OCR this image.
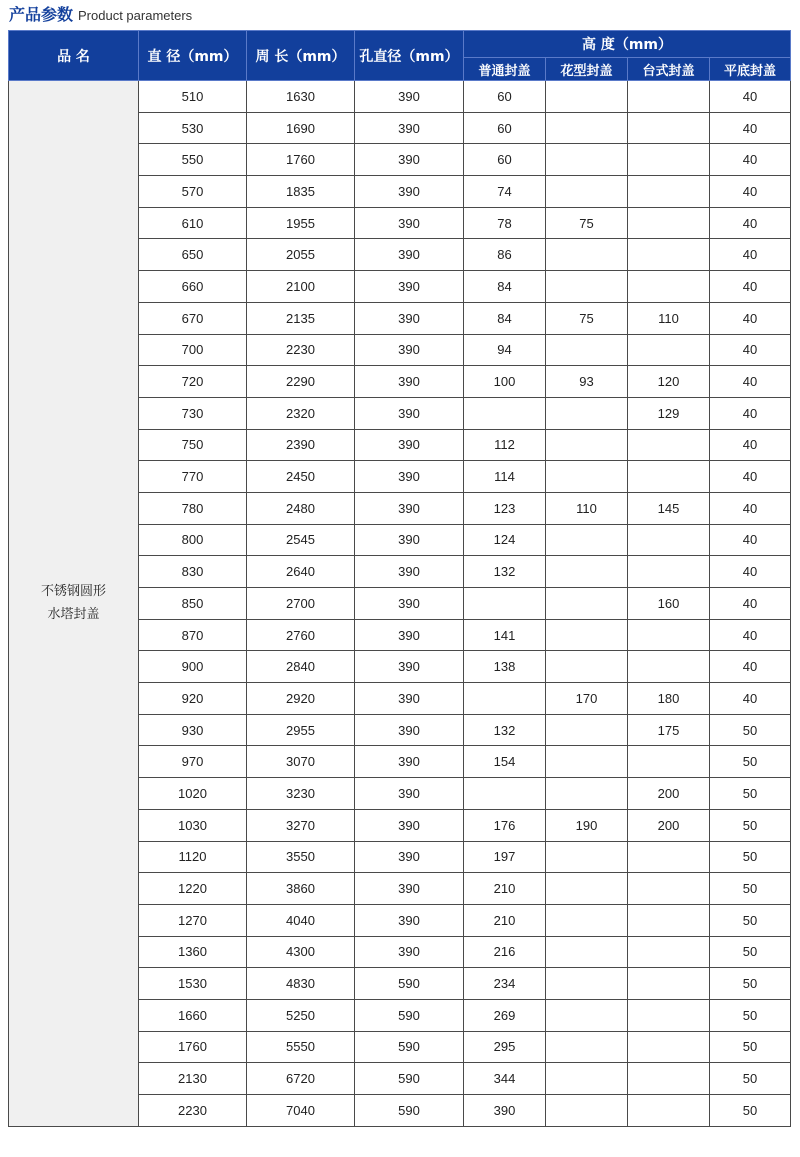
产品参数 Product parameters
品 名	直 径（mm）	周 长（mm）	孔直径（mm）	高 度（mm）			
				普通封盖	花型封盖	台式封盖	平底封盖

不锈钢圆形
水塔封盖	510	1630	390	60			40
	530	1690	390	60			40
	550	1760	390	60			40
	570	1835	390	74			40
	610	1955	390	78	75		40
	650	2055	390	86			40
	660	2100	390	84			40
	670	2135	390	84	75	110	40
	700	2230	390	94			40
	720	2290	390	100	93	120	40
	730	2320	390			129	40
	750	2390	390	112			40
	770	2450	390	114			40
	780	2480	390	123	110	145	40
	800	2545	390	124			40
	830	2640	390	132			40
	850	2700	390			160	40
	870	2760	390	141			40
	900	2840	390	138			40
	920	2920	390		170	180	40
	930	2955	390	132		175	50
	970	3070	390	154			50
	1020	3230	390			200	50
	1030	3270	390	176	190	200	50
	1120	3550	390	197			50
	1220	3860	390	210			50
	1270	4040	390	210			50
	1360	4300	390	216			50
	1530	4830	590	234			50
	1660	5250	590	269			50
	1760	5550	590	295			50
	2130	6720	590	344			50
	2230	7040	590	390			50
